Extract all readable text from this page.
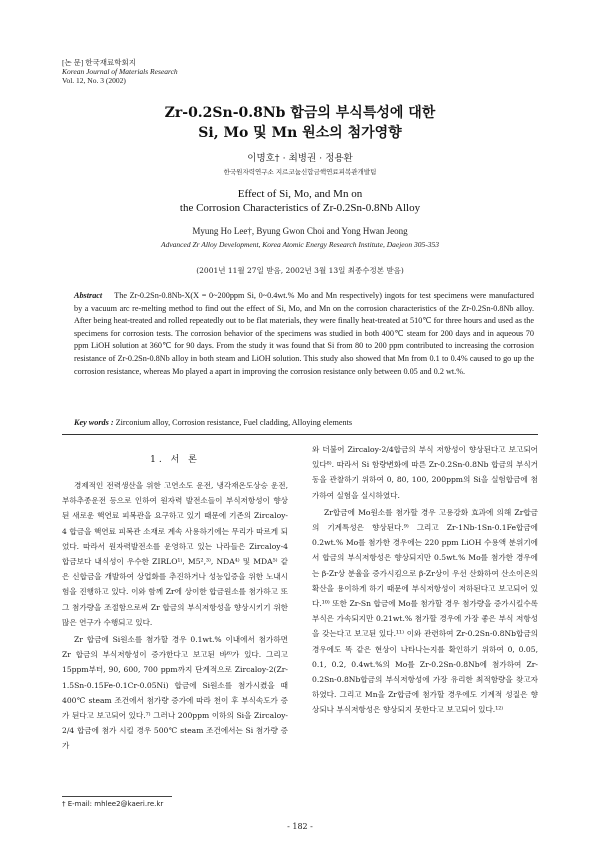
[논 문] 한국재료학회지
Korean Journal of Materials Research
Vol. 12, No. 3 (2002)
Zr-0.2Sn-0.8Nb 합금의 부식특성에 대한
Si, Mo 및 Mn 원소의 첨가영향
이명호† · 최병권 · 정용환
한국원자력연구소 지르코늄신합금핵연료피복관개발팀
Effect of Si, Mo, and Mn on
the Corrosion Characteristics of Zr-0.2Sn-0.8Nb Alloy
Myung Ho Lee†, Byung Gwon Choi and Yong Hwan Jeong
Advanced Zr Alloy Development, Korea Atomic Energy Research Institute, Daejeon 305-353
(2001년 11월 27일 받음, 2002년 3월 13일 최종수정본 받음)
Abstract The Zr-0.2Sn-0.8Nb-X(X = 0~200ppm Si, 0~0.4wt.% Mo and Mn respectively) ingots for test specimens were manufactured by a vacuum arc re-melting method to find out the effect of Si, Mo, and Mn on the corrosion characteristics of the Zr-0.2Sn-0.8Nb alloy. After being heat-treated and rolled repeatedly out to be flat materials, they were finally heat-treated at 510℃ for three hours and used as the specimens for corrosion tests. The corrosion behavior of the specimens was studied in both 400℃ steam for 200 days and in aqueous 70 ppm LiOH solution at 360℃ for 90 days. From the study it was found that Si from 80 to 200 ppm contributed to increasing the corrosion resistance of Zr-0.2Sn-0.8Nb alloy in both steam and LiOH solution. This study also showed that Mn from 0.1 to 0.4% caused to go up the corrosion resistance, whereas Mo played a apart in improving the corrosion resistance only between 0.05 and 0.2 wt.%.
Key words : Zirconium alloy, Corrosion resistance, Fuel cladding, Alloying elements
1. 서 론

경제적인 전력생산을 위한 고연소도 운전, 냉각재온도상승 운전, 부하추종운전 등으로 인하여 원자력 발전소들이 부식저항성이 향상된 새로운 핵연료 피복관을 요구하고 있기 때문에 기존의 Zircaloy-4 합금을 핵연료 피복관 소재로 계속 사용하기에는 무리가 따르게 되었다. 따라서 원자력발전소를 운영하고 있는 나라들은 Zircaloy-4 합금보다 내식성이 우수한 ZIRLO¹⁾, M5²,³⁾, NDA⁴⁾ 및 MDA⁵⁾ 같은 신합금을 개발하여 상업화를 추진하거나 성능입증을 위한 노내시험을 진행하고 있다. 이와 함께 Zr에 상이한 합금원소를 첨가하고 또 그 첨가량을 조절함으로써 Zr 합금의 부식저항성을 향상시키기 위한 많은 연구가 수행되고 있다.

Zr 합금에 Si원소를 첨가할 경우 0.1wt.% 이내에서 첨가하면 Zr 합금의 부식저항성이 증가한다고 보고된 바⁶⁾가 있다. 그리고 15ppm부터, 90, 600, 700 ppm까지 단계적으로 Zircaloy-2(Zr-1.5Sn-0.15Fe-0.1Cr-0.05Ni) 합금에 Si원소를 첨가시켰을 때 400℃ steam 조건에서 첨가량 증가에 따라 천이 후 부식속도가 증가 된다고 보고되어 있다.⁷⁾ 그러나 200ppm 이하의 Si을 Zircaloy-2/4 합금에 첨가 시킬 경우 500℃ steam 조건에서는 Si 첨가량 증가

와 더불어 Zircaloy-2/4합금의 부식 저항성이 향상된다고 보고되어 있다⁸⁾. 따라서 Si 함량변화에 따른 Zr-0.2Sn-0.8Nb 합금의 부식거동을 관찰하기 위하여 0, 80, 100, 200ppm의 Si을 실험합금에 첨가하여 실험을 실시하였다.

Zr합금에 Mo원소를 첨가할 경우 고용강화 효과에 의해 Zr합금의 기계특성은 향상된다.⁹⁾ 그리고 Zr-1Nb-1Sn-0.1Fe합금에 0.2wt.% Mo를 첨가한 경우에는 220 ppm LiOH 수용액 분위기에서 합금의 부식저항성은 향상되지만 0.5wt.% Mo를 첨가한 경우에는 β-Zr상 분율을 증가시킴으로 β-Zr상이 우선 산화하여 산소이온의 확산을 용이하게 하기 때문에 부식저항성이 저하된다고 보고되어 있다.¹⁰⁾ 또한 Zr-Sn 합금에 Mo를 첨가할 경우 첨가량을 증가시킬수록 부식은 가속되지만 0.21wt.% 첨가할 경우에 가장 좋은 부식 저항성을 갖는다고 보고된 있다.¹¹⁾ 이와 관련하여 Zr-0.2Sn-0.8Nb합금의 경우에도 똑 같은 현상이 나타나는지를 확인하기 위하여 0, 0.05, 0.1, 0.2, 0.4wt.%의 Mo를 Zr-0.2Sn-0.8Nb에 첨가하여 Zr-0.2Sn-0.8Nb합금의 부식저항성에 가장 유리한 최적함량을 찾고자 하였다. 그리고 Mn을 Zr합금에 첨가할 경우에도 기계적 성질은 향상되나 부식저항성은 향상되지 못한다고 보고되어 있다.¹²⁾

† E-mail: mhlee2@kaeri.re.kr
- 182 -
